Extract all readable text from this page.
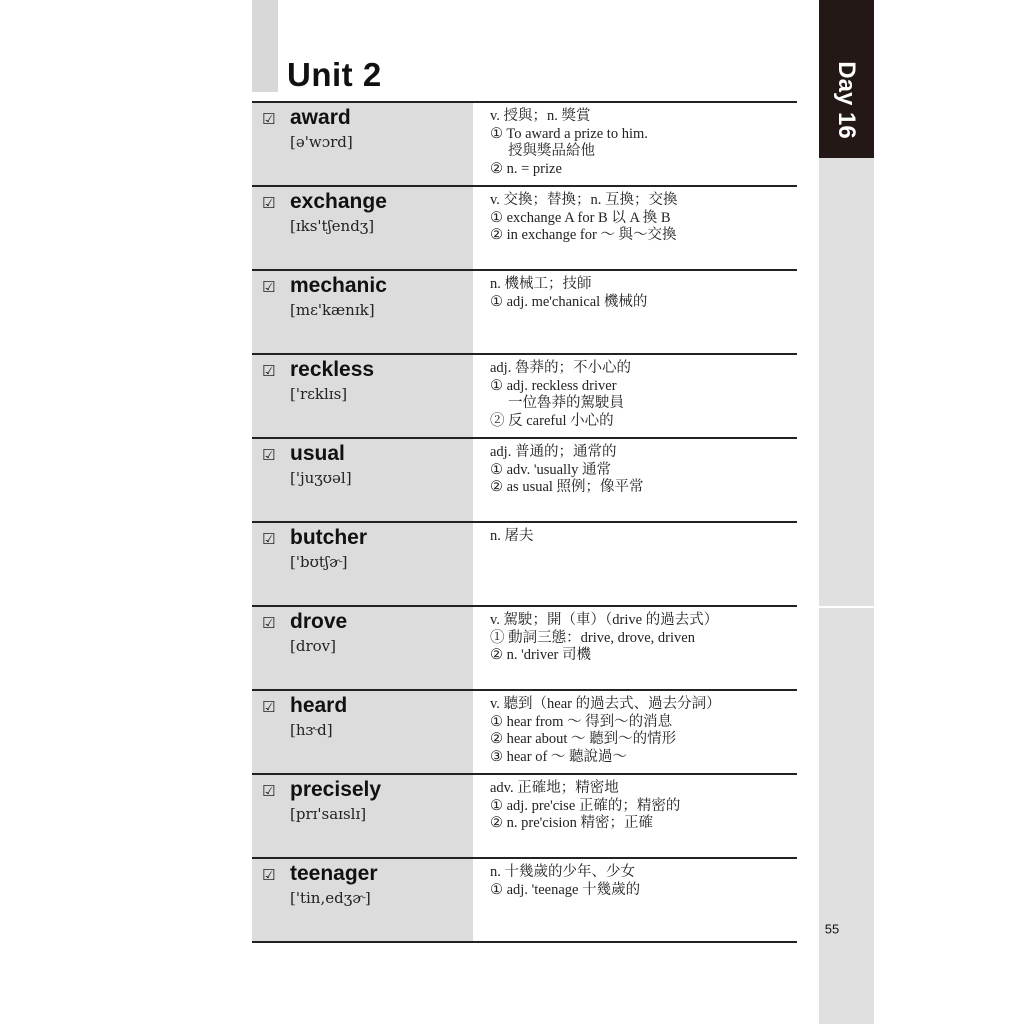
Unit 2
☑ award
[ə'wɔrd]
v. 授與；n. 獎賞
① To award a prize to him.
授與獎品給他
② n. = prize
☑ exchange
[ɪks'tʃendʒ]
v. 交換；替換；n. 互換；交換
① exchange A for B 以 A 換 B
② in exchange for ～ 與～交換
☑ mechanic
[mɛ'kænɪk]
n. 機械工；技師
① adj. me'chanical 機械的
☑ reckless
['rɛklɪs]
adj. 魯莽的；不小心的
① adj. reckless driver
一位魯莽的駕駛員
② 反 careful 小心的
☑ usual
['juʒʊəl]
adj. 普通的；通常的
① adv. 'usually 通常
② as usual 照例；像平常
☑ butcher
['bʊtʃɚ]
n. 屠夫
☑ drove
[drov]
v. 駕駛；開（車）（drive 的過去式）
① 動詞三態：drive, drove, driven
② n. 'driver 司機
☑ heard
[hɝd]
v. 聽到（hear 的過去式、過去分詞）
① hear from ～ 得到～的消息
② hear about ～ 聽到～的情形
③ hear of ～ 聽說過～
☑ precisely
[prɪ'saɪslɪ]
adv. 正確地；精密地
① adj. pre'cise 正確的；精密的
② n. pre'cision 精密；正確
☑ teenager
['tin,edʒɚ]
n. 十幾歲的少年、少女
① adj. 'teenage 十幾歲的
Day 16
55
